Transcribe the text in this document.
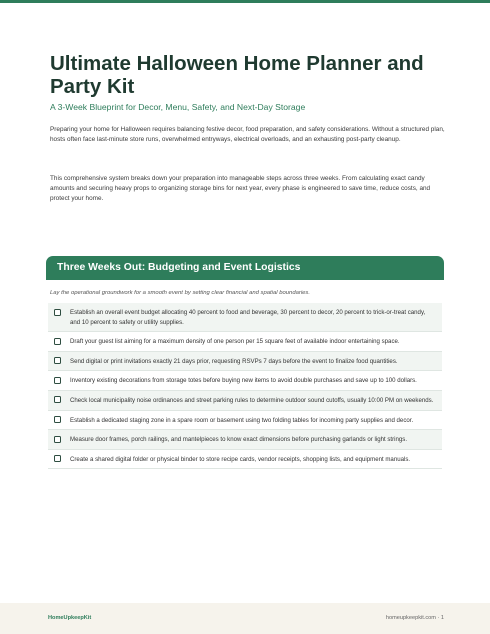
Ultimate Halloween Home Planner and Party Kit
A 3-Week Blueprint for Decor, Menu, Safety, and Next-Day Storage

Preparing your home for Halloween requires balancing festive decor, food preparation, and safety considerations. Without a structured plan, hosts often face last-minute store runs, overwhelmed entryways, electrical overloads, and an exhausting post-party cleanup.

This comprehensive system breaks down your preparation into manageable steps across three weeks. From calculating exact candy amounts and securing heavy props to organizing storage bins for next year, every phase is engineered to save time, reduce costs, and protect your home.

Three Weeks Out: Budgeting and Event Logistics
Lay the operational groundwork for a smooth event by setting clear financial and spatial boundaries.
Establish an overall event budget allocating 40 percent to food and beverage, 30 percent to decor, 20 percent to trick-or-treat candy, and 10 percent to safety or utility supplies.
Draft your guest list aiming for a maximum density of one person per 15 square feet of available indoor entertaining space.
Send digital or print invitations exactly 21 days prior, requesting RSVPs 7 days before the event to finalize food quantities.
Inventory existing decorations from storage totes before buying new items to avoid double purchases and save up to 100 dollars.
Check local municipality noise ordinances and street parking rules to determine outdoor sound cutoffs, usually 10:00 PM on weekends.
Establish a dedicated staging zone in a spare room or basement using two folding tables for incoming party supplies and decor.
Measure door frames, porch railings, and mantelpieces to know exact dimensions before purchasing garlands or light strings.
Create a shared digital folder or physical binder to store recipe cards, vendor receipts, shopping lists, and equipment manuals.
HomeUpkeepKit	homeupkeepkit.com · 1
